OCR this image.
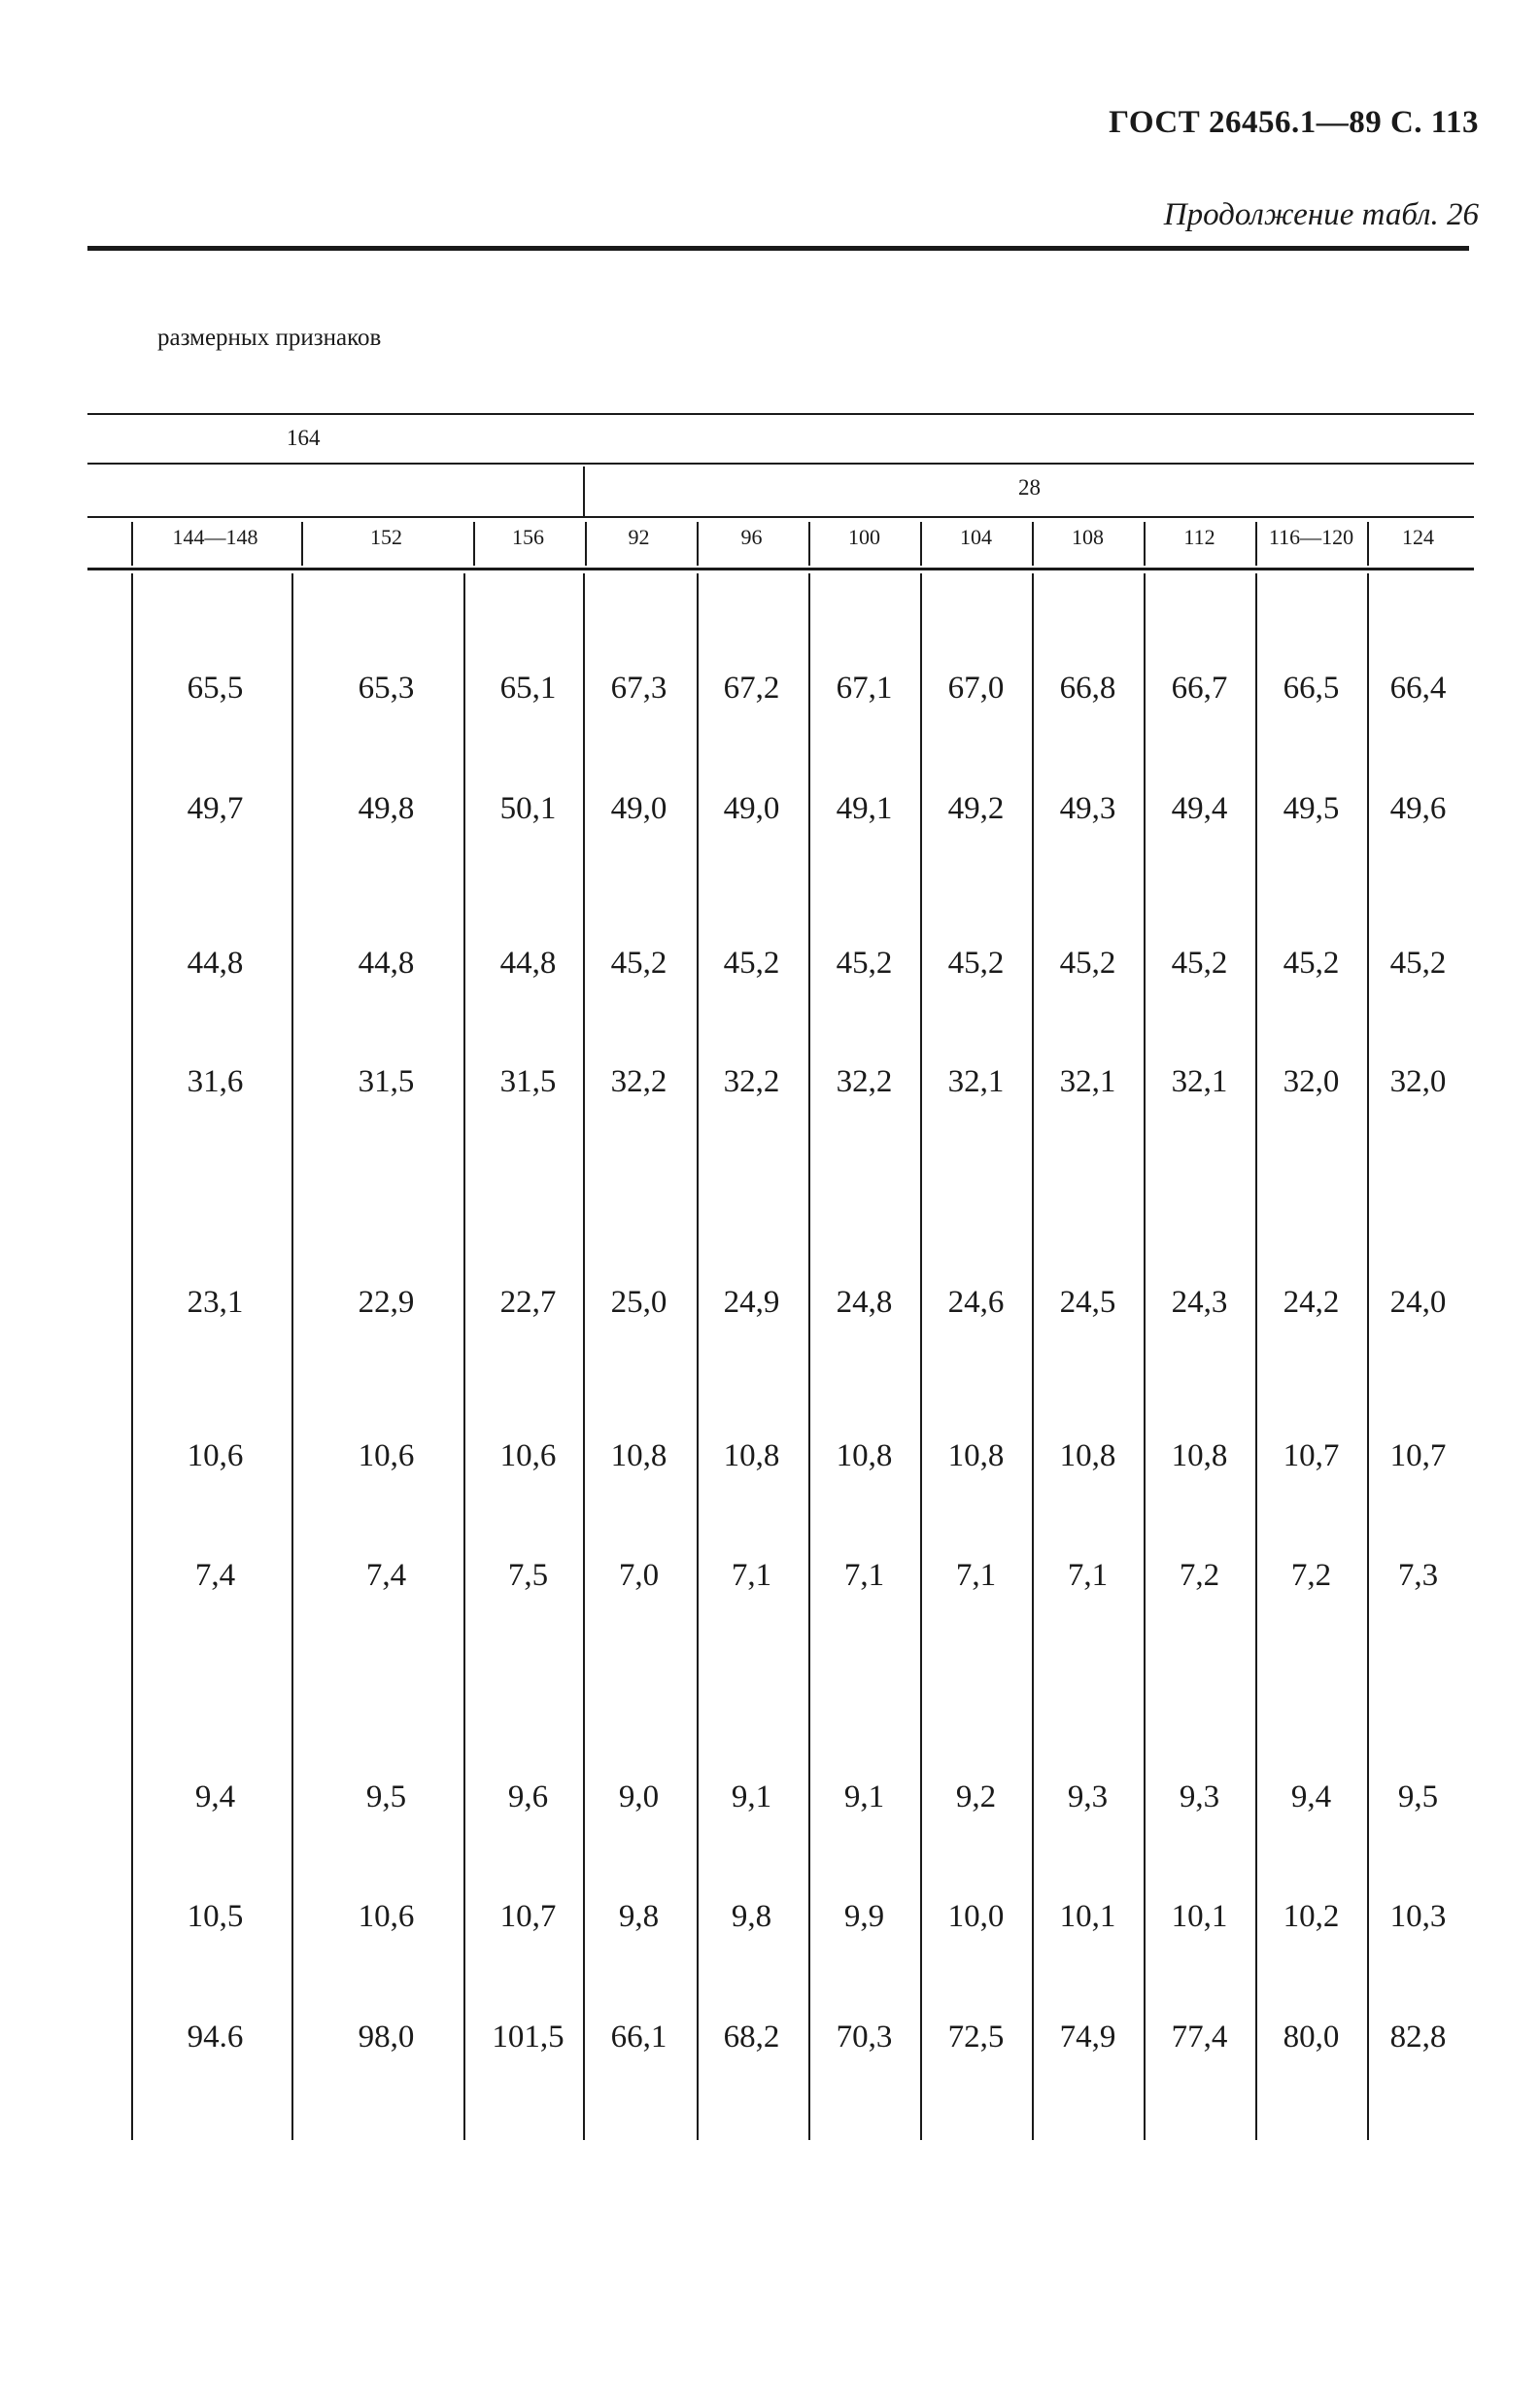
ГОСТ 26456.1—89 С. 113
Продолжение табл. 26
размерных признаков
164
28
144—148	152	156	92	96	100	104	108	112	116—120	124
65,5	65,3	65,1	67,3	67,2	67,1	67,0	66,8	66,7	66,5	66,4
49,7	49,8	50,1	49,0	49,0	49,1	49,2	49,3	49,4	49,5	49,6
44,8	44,8	44,8	45,2	45,2	45,2	45,2	45,2	45,2	45,2	45,2
31,6	31,5	31,5	32,2	32,2	32,2	32,1	32,1	32,1	32,0	32,0
23,1	22,9	22,7	25,0	24,9	24,8	24,6	24,5	24,3	24,2	24,0
10,6	10,6	10,6	10,8	10,8	10,8	10,8	10,8	10,8	10,7	10,7
7,4	7,4	7,5	7,0	7,1	7,1	7,1	7,1	7,2	7,2	7,3
9,4	9,5	9,6	9,0	9,1	9,1	9,2	9,3	9,3	9,4	9,5
10,5	10,6	10,7	9,8	9,8	9,9	10,0	10,1	10,1	10,2	10,3
94.6	98,0	101,5	66,1	68,2	70,3	72,5	74,9	77,4	80,0	82,8
